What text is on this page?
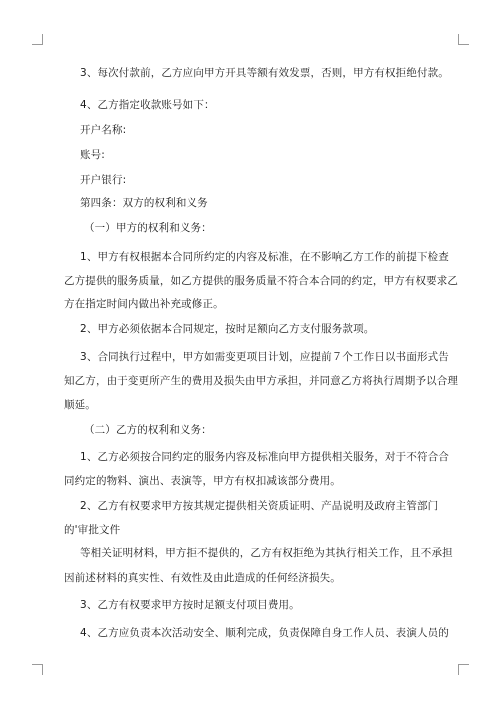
3、每次付款前，乙方应向甲方开具等额有效发票，否则，甲方有权拒绝付款。
4、乙方指定收款账号如下：
开户名称:
账号:
开户银行:
第四条：双方的权利和义务
（一）甲方的权利和义务：
1、甲方有权根据本合同所约定的内容及标准，在不影响乙方工作的前提下检查
乙方提供的服务质量，如乙方提供的服务质量不符合本合同的约定，甲方有权要求乙
方在指定时间内做出补充或修正。
2、甲方必须依据本合同规定，按时足额向乙方支付服务款项。
3、合同执行过程中，甲方如需变更项目计划，应提前７个工作日以书面形式告
知乙方，由于变更所产生的费用及损失由甲方承担，并同意乙方将执行周期予以合理
顺延。
（二）乙方的权利和义务：
1、乙方必须按合同约定的服务内容及标准向甲方提供相关服务，对于不符合合
同约定的物料、演出、表演等，甲方有权扣减该部分费用。
2、乙方有权要求甲方按其规定提供相关资质证明、产品说明及政府主管部门
的'审批文件
等相关证明材料，甲方拒不提供的，乙方有权拒绝为其执行相关工作，且不承担
因前述材料的真实性、有效性及由此造成的任何经济损失。
3、乙方有权要求甲方按时足额支付项目费用。
4、乙方应负责本次活动安全、顺利完成，负责保障自身工作人员、表演人员的
